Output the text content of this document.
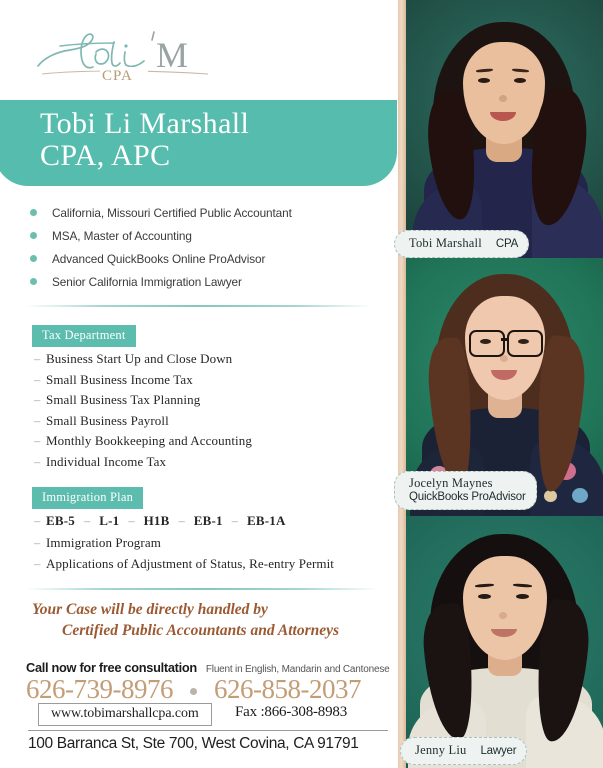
M
CPA
Tobi Li Marshall
CPA, APC
California, Missouri Certified Public Accountant
MSA, Master of Accounting
Advanced QuickBooks Online ProAdvisor
Senior California Immigration Lawyer
Tax Department
– Business Start Up and Close Down
– Small Business Income Tax
– Small Business Tax Planning
– Small Business Payroll
– Monthly Bookkeeping and Accounting
– Individual Income Tax
Immigration Plan
– EB-5 – L-1 – H1B – EB-1 – EB-1A
– Immigration Program
– Applications of Adjustment of Status, Re-entry Permit
Your Case will be directly handled by
Certified Public Accountants and Attorneys
Call now for free consultation Fluent in English, Mandarin and Cantonese
626-739-8976 626-858-2037
www.tobimarshallcpa.com	Fax :866-308-8983
100 Barranca St, Ste 700, West Covina, CA 91791
Tobi Marshall CPA
Jocelyn Maynes
QuickBooks ProAdvisor
Jenny Liu Lawyer
